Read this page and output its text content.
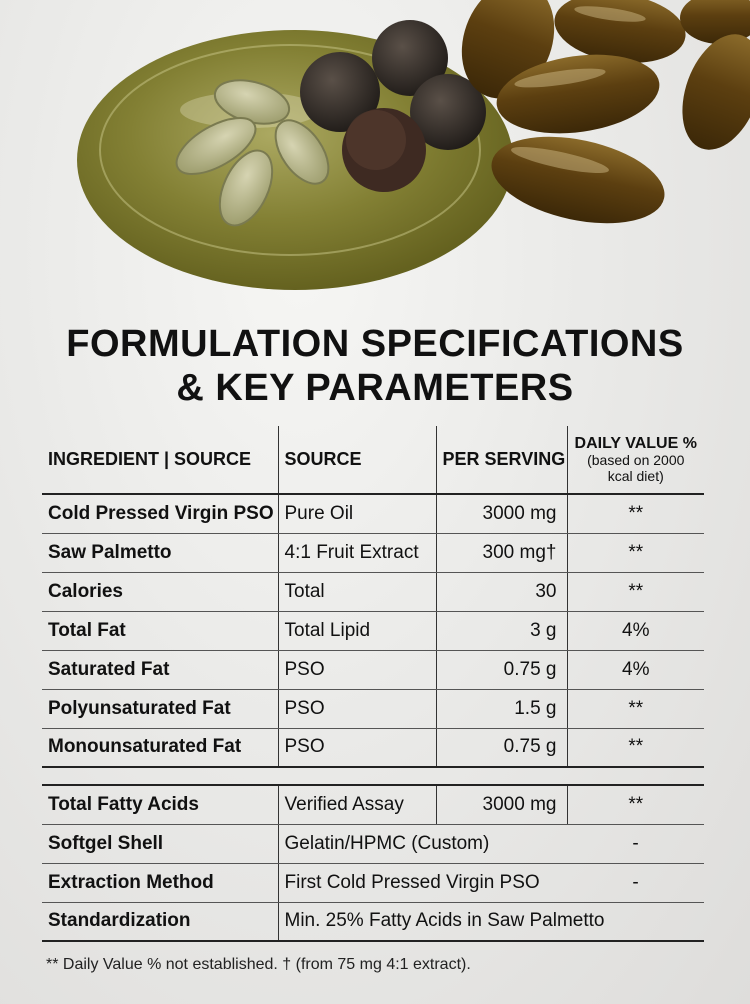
FORMULATION SPECIFICATIONS
& KEY PARAMETERS
INGREDIENT | SOURCE	SOURCE	PER SERVING	DAILY VALUE %
(based on 2000 kcal diet)

Cold Pressed Virgin PSO	Pure Oil	3000 mg	**
Saw Palmetto	4:1 Fruit Extract	300 mg†	**
Calories	Total	30	**
Total Fat	Total Lipid	3 g	4%
Saturated Fat	PSO	0.75 g	4%
Polyunsaturated Fat	PSO	1.5 g	**
Monounsaturated Fat	PSO	0.75 g	**

Total Fatty Acids	Verified Assay	3000 mg	**
Softgel Shell	Gelatin/HPMC (Custom)		-
Extraction Method	First Cold Pressed Virgin PSO		-
Standardization	Min. 25% Fatty Acids in Saw Palmetto		

** Daily Value % not established. † (from 75 mg 4:1 extract).
